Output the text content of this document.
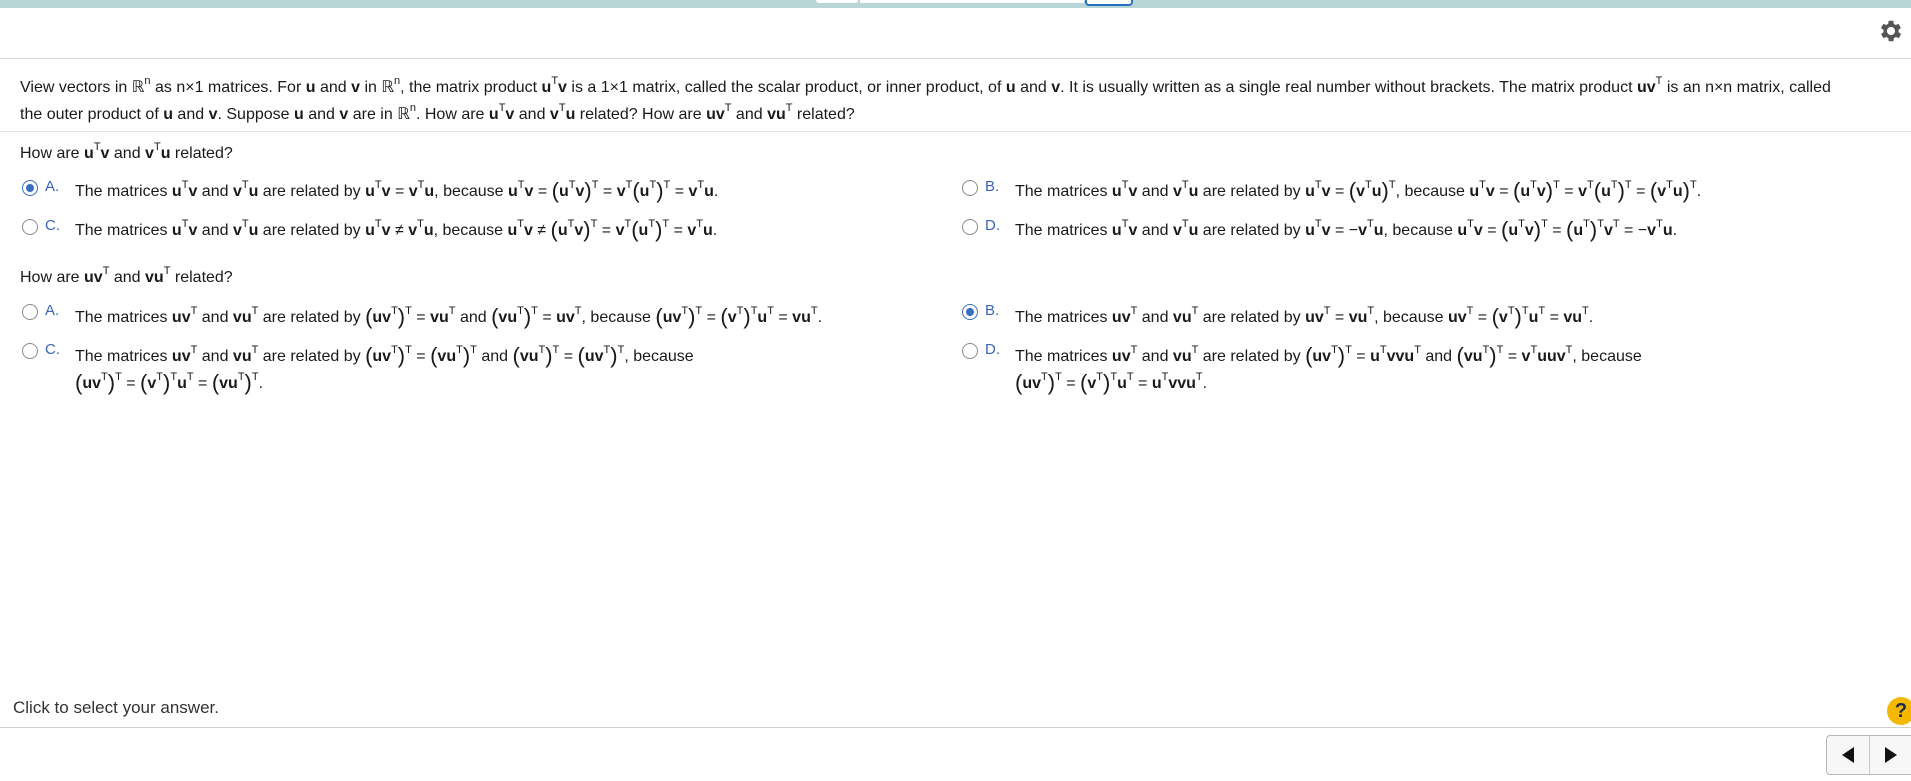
View vectors in ℝ$^n$ as n×1 matrices. For u and v in ℝ$^n$, the matrix product $u^Tv$ is a 1×1 matrix, called the scalar product, or inner product, of u and v. It is usually written as a single real number without brackets. The matrix product $uv^T$ is an n×n matrix, called
the outer product of u and v. Suppose u and v are in ℝ$^n$. How are $u^Tv$ and $v^Tu$ related? How are $uv^T$ and $vu^T$ related?
How are $u^Tv$ and $v^Tu$ related?
A. The matrices $u^Tv$ and $v^Tu$ are related by $u^Tv = v^Tu$, because $u^Tv = (u^Tv)^T = v^T(u^T)^T = v^Tu$.	B. The matrices $u^Tv$ and $v^Tu$ are related by $u^Tv = (v^Tu)^T$, because $u^Tv = (u^Tv)^T = v^T(u^T)^T = (v^Tu)^T$.
C. The matrices $u^Tv$ and $v^Tu$ are related by $u^Tv \ne v^Tu$, because $u^Tv \ne (u^Tv)^T = v^T(u^T)^T = v^Tu$.	D. The matrices $u^Tv$ and $v^Tu$ are related by $u^Tv = -v^Tu$, because $u^Tv = (u^Tv)^T = (u^T)^Tv^T = -v^Tu$.
How are $uv^T$ and $vu^T$ related?
A. The matrices $uv^T$ and $vu^T$ are related by $(uv^T)^T = vu^T$ and $(vu^T)^T = uv^T$, because $(uv^T)^T = (v^T)^Tu^T = vu^T$.	B. The matrices $uv^T$ and $vu^T$ are related by $uv^T = vu^T$, because $uv^T = (v^T)^Tu^T = vu^T$.
C. The matrices $uv^T$ and $vu^T$ are related by $(uv^T)^T = (vu^T)^T$ and $(vu^T)^T = (uv^T)^T$, because
$(uv^T)^T = (v^T)^Tu^T = (vu^T)^T$.
D. The matrices $uv^T$ and $vu^T$ are related by $(uv^T)^T = u^Tvvu^T$ and $(vu^T)^T = v^Tuuv^T$, because
$(uv^T)^T = (v^T)^Tu^T = u^Tvvu^T$.
Click to select your answer.	?
